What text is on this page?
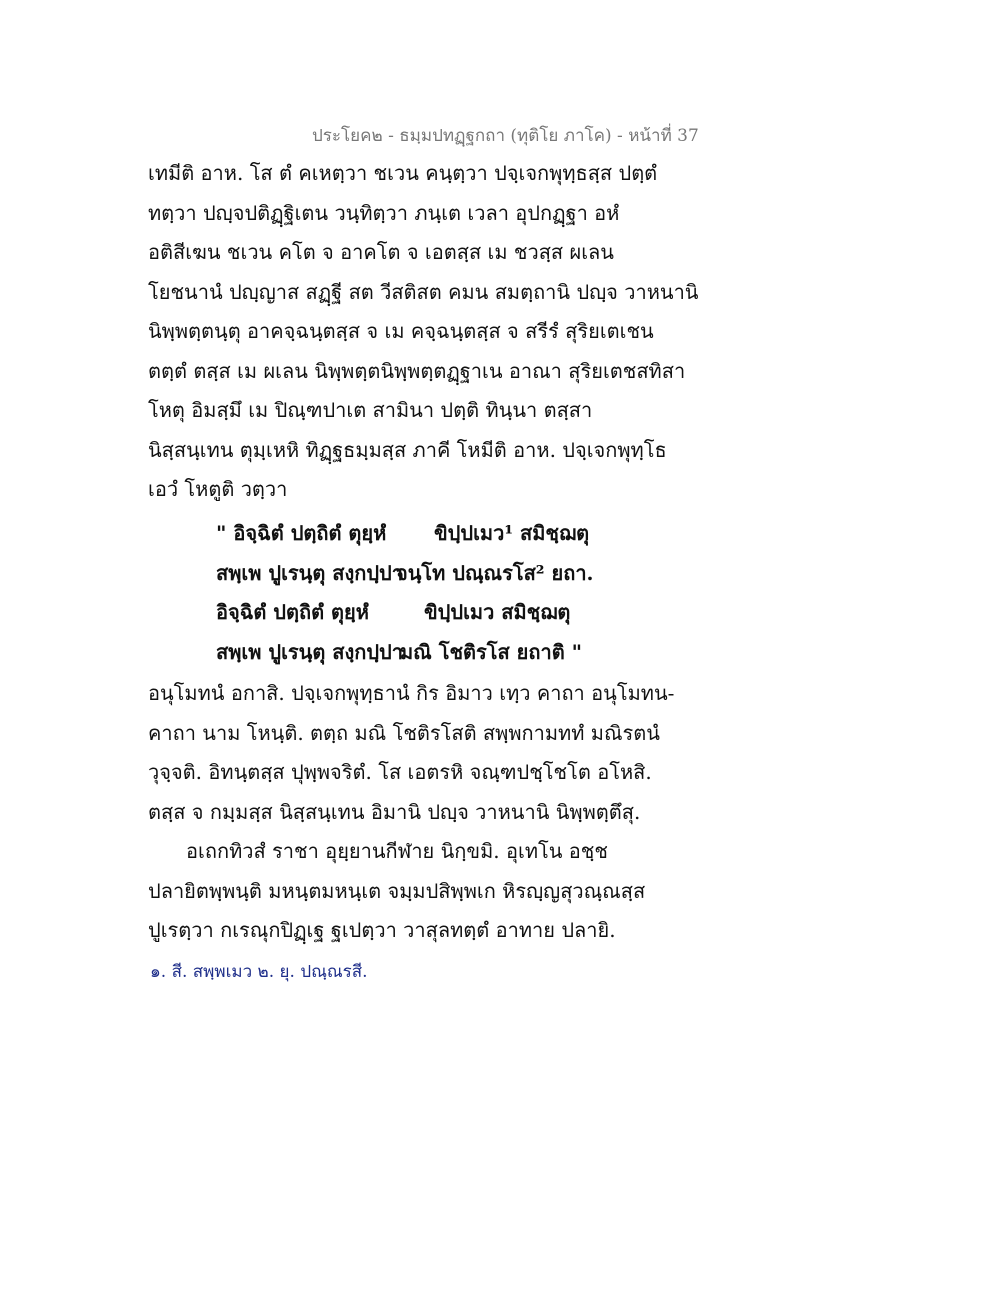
ประโยค๒ - ธมฺมปทฏฺฐกถา (ทุติโย ภาโค) - หน้าที่ 37
เทมีติ อาห. โส ตํ คเหตฺวา ชเวน คนฺตฺวา ปจฺเจกพุทฺธสฺส ปตฺตํ
ทตฺวา ปญฺจปติฏฺฐิเตน วนฺทิตฺวา ภนฺเต เวลา อุปกฏฺฐา อหํ
อติสีเฆน ชเวน คโต จ อาคโต จ เอตสฺส เม ชวสฺส ผเลน
โยชนานํ ปญฺญาส สฏฺฐี สต วีสติสต คมน สมตฺถานิ ปญฺจ วาหนานิ
นิพฺพตฺตนฺตุ อาคจฺฉนฺตสฺส จ เม คจฺฉนฺตสฺส จ สรีรํ สุริยเตเชน
ตตฺตํ ตสฺส เม ผเลน นิพฺพตฺตนิพฺพตฺตฏฺฐาเน อาณา สุริยเตชสทิสา
โหตุ อิมสฺมึ เม ปิณฺฑปาเต สามินา ปตฺติ ทินฺนา ตสฺสา
นิสฺสนฺเทน ตุมฺเหหิ ทิฏฺฐธมฺมสฺส ภาคี โหมีติ อาห. ปจฺเจกพุทฺโธ
เอวํ โหตูติ วตฺวา
" อิจฺฉิตํ ปตฺถิตํ ตุยฺหํ ขิปฺปเมว¹ สมิชฺฌตุ
สพฺเพ ปูเรนฺตุ สงฺกปฺปา
จนฺโท ปณฺณรโส² ยถา.
อิจฺฉิตํ ปตฺถิตํ ตุยฺหํ	ขิปฺปเมว สมิชฺฌตุ
สพฺเพ ปูเรนฺตุ สงฺกปฺปา
มณิ โชติรโส ยถาติ "
อนุโมทนํ อกาสิ. ปจฺเจกพุทฺธานํ กิร อิมาว เทฺว คาถา อนุโมทน-
คาถา นาม โหนฺติ. ตตฺถ มณิ โชติรโสติ สพฺพกามททํ มณิรตนํ
วุจฺจติ. อิทนฺตสฺส ปุพฺพจริตํ. โส เอตรหิ จณฺฑปชฺโชโต อโหสิ.
ตสฺส จ กมฺมสฺส นิสฺสนฺเทน อิมานิ ปญฺจ วาหนานิ นิพฺพตฺตึสุ.
อเถกทิวสํ ราชา อุยฺยานกีฬาย นิกฺขมิ. อุเทโน อชฺช
ปลายิตพฺพนฺติ มหนฺตมหนฺเต จมฺมปสิพฺพเก หิรญฺญสุวณฺณสฺส
ปูเรตฺวา กเรณุกปิฏฺเฐ ฐเปตฺวา วาสุลทตฺตํ อาทาย ปลายิ.
๑. สี. สพฺพเมว ๒. ยุ. ปณฺณรสี.
